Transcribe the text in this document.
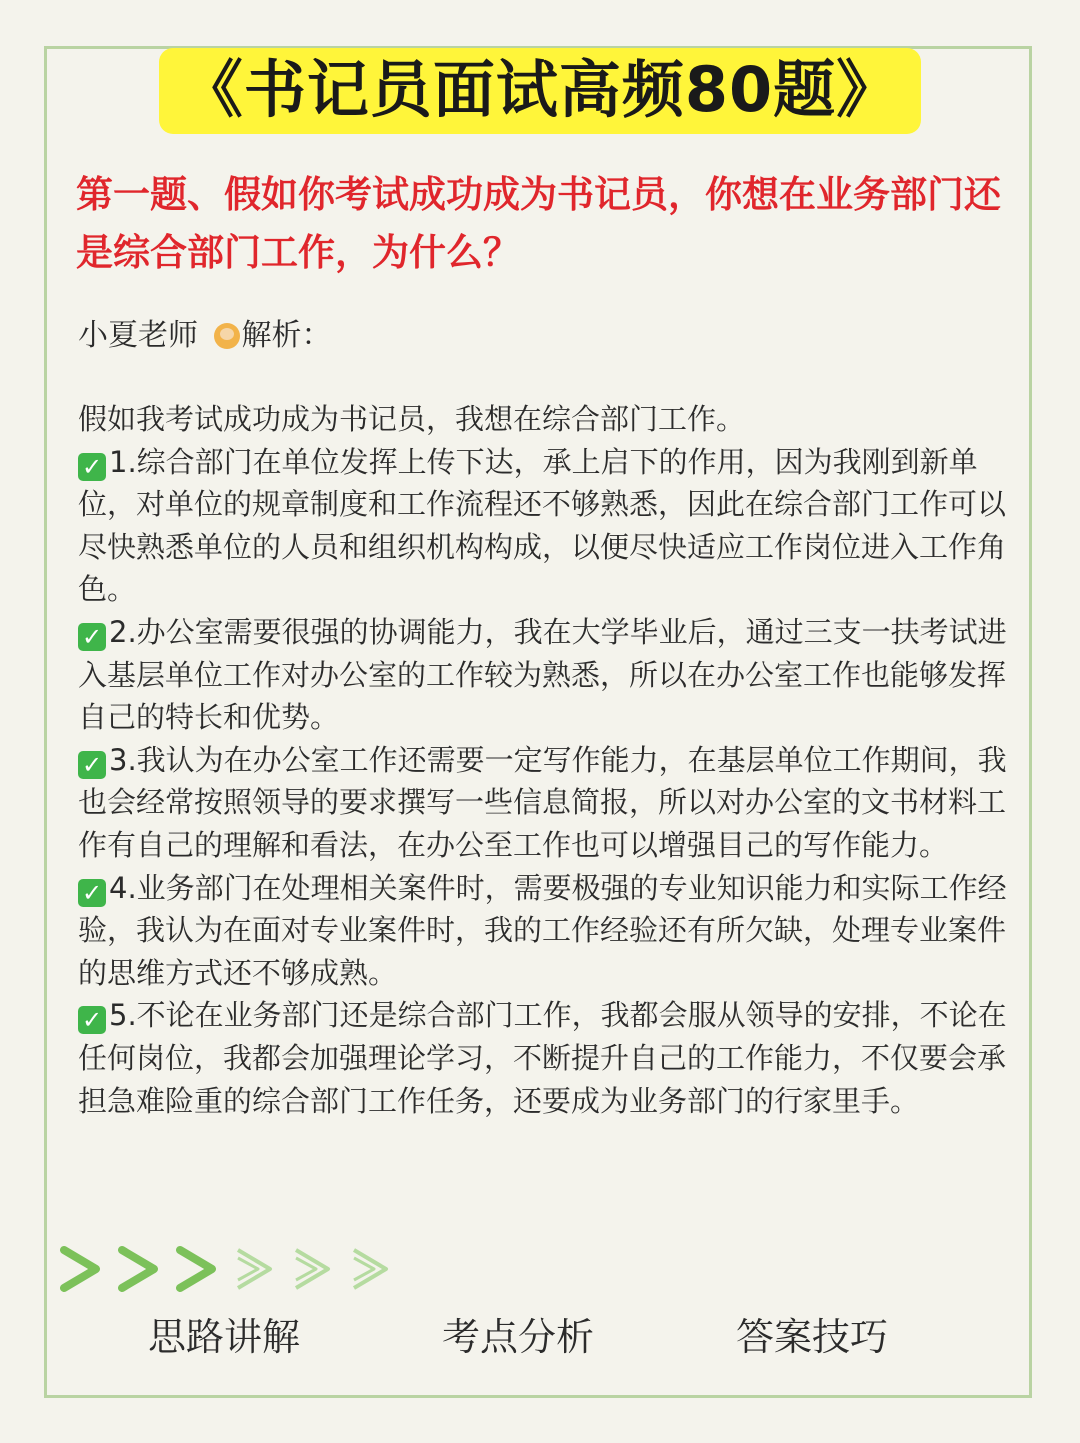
《书记员面试高频80题》
第一题、假如你考试成功成为书记员，你想在业务部门还是综合部门工作，为什么？
小夏老师 解析：

假如我考试成功成为书记员，我想在综合部门工作。

✓ 1.综合部门在单位发挥上传下达，承上启下的作用，因为我刚到新单位，对单位的规章制度和工作流程还不够熟悉，因此在综合部门工作可以尽快熟悉单位的人员和组织机构构成，以便尽快适应工作岗位进入工作角色。

✓ 2.办公室需要很强的协调能力，我在大学毕业后，通过三支一扶考试进入基层单位工作对办公室的工作较为熟悉，所以在办公室工作也能够发挥自己的特长和优势。

✓ 3.我认为在办公室工作还需要一定写作能力，在基层单位工作期间，我也会经常按照领导的要求撰写一些信息简报，所以对办公室的文书材料工作有自己的理解和看法，在办公至工作也可以增强目己的写作能力。

✓ 4.业务部门在处理相关案件时，需要极强的专业知识能力和实际工作经验，我认为在面对专业案件时，我的工作经验还有所欠缺，处理专业案件的思维方式还不够成熟。

✓ 5.不论在业务部门还是综合部门工作，我都会服从领导的安排，不论在任何岗位，我都会加强理论学习，不断提升自己的工作能力，不仅要会承担急难险重的综合部门工作任务，还要成为业务部门的行家里手。

思路讲解	考点分析	答案技巧
